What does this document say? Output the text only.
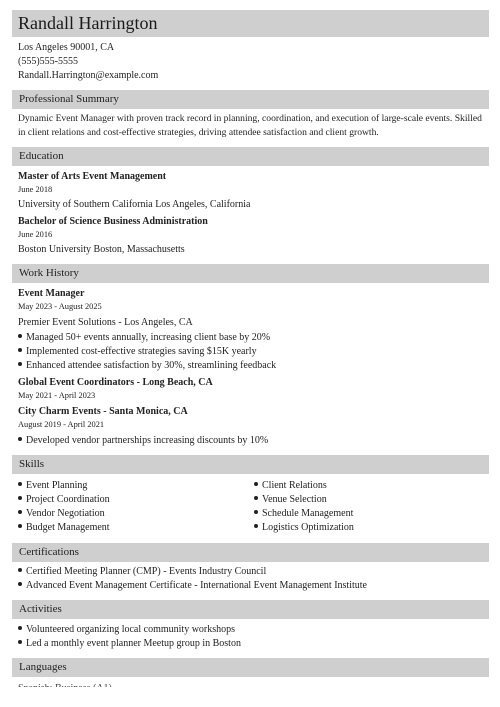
Randall Harrington
Los Angeles 90001, CA
(555)555-5555
Randall.Harrington@example.com
Professional Summary
Dynamic Event Manager with proven track record in planning, coordination, and execution of large-scale events. Skilled in client relations and cost-effective strategies, driving attendee satisfaction and client growth.
Education
Master of Arts Event Management
June 2018
University of Southern California Los Angeles, California
Bachelor of Science Business Administration
June 2016
Boston University Boston, Massachusetts
Work History
Event Manager
May 2023 - August 2025
Premier Event Solutions - Los Angeles, CA
Managed 50+ events annually, increasing client base by 20%
Implemented cost-effective strategies saving $15K yearly
Enhanced attendee satisfaction by 30%, streamlining feedback
Global Event Coordinators - Long Beach, CA
May 2021 - April 2023
City Charm Events - Santa Monica, CA
August 2019 - April 2021
Developed vendor partnerships increasing discounts by 10%
Skills
Event Planning
Project Coordination
Vendor Negotiation
Budget Management
Client Relations
Venue Selection
Schedule Management
Logistics Optimization
Certifications
Certified Meeting Planner (CMP) - Events Industry Council
Advanced Event Management Certificate - International Event Management Institute
Activities
Volunteered organizing local community workshops
Led a monthly event planner Meetup group in Boston
Languages
